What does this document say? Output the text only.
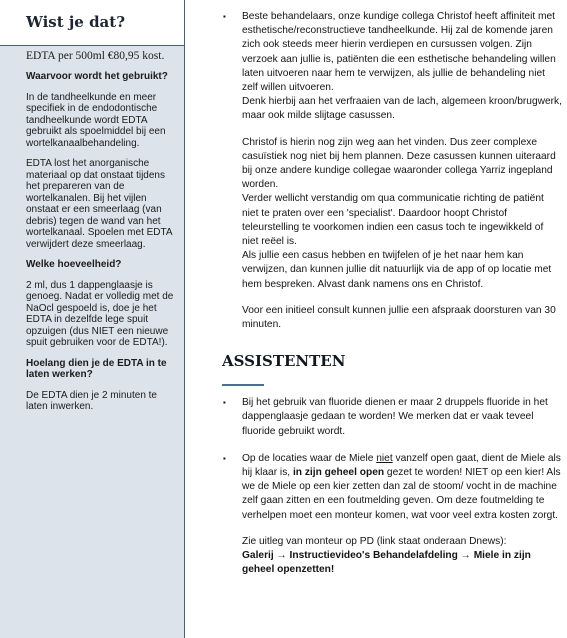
Wist je dat?

EDTA per 500ml €80,95 kost.

Waarvoor wordt het gebruikt?

In de tandheelkunde en meer specifiek in de endodontische tandheelkunde wordt EDTA gebruikt als spoelmiddel bij een wortelkanaalbehandeling.

EDTA lost het anorganische materiaal op dat onstaat tijdens het prepareren van de wortelkanalen. Bij het vijlen onstaat er een smeerlaag (van debris) tegen de wand van het wortelkanaal. Spoelen met EDTA verwijdert deze smeerlaag.

Welke hoeveelheid?

2 ml, dus 1 dappenglaasje is genoeg. Nadat er volledig met de NaOcl gespoeld is, doe je het EDTA in dezelfde lege spuit opzuigen (dus NIET een nieuwe spuit gebruiken voor de EDTA!).

Hoelang dien je de EDTA in te laten werken?

De EDTA dien je 2 minuten te laten inwerken.

▪ Beste behandelaars, onze kundige collega Christof heeft affiniteit met esthetische/reconstructieve tandheelkunde. Hij zal de komende jaren zich ook steeds meer hierin verdiepen en cursussen volgen. Zijn verzoek aan jullie is, patiënten die een esthetische behandeling willen laten uitvoeren naar hem te verwijzen, als jullie de behandeling niet zelf willen uitvoeren.

Denk hierbij aan het verfraaien van de lach, algemeen kroon/brugwerk, maar ook milde slijtage casussen.

Christof is hierin nog zijn weg aan het vinden. Dus zeer complexe casuïstiek nog niet bij hem plannen. Deze casussen kunnen uiteraard bij onze andere kundige collegae waaronder collega Yarriz ingepland worden.

Verder wellicht verstandig om qua communicatie richting de patiënt niet te praten over een 'specialist'. Daardoor hoopt Christof teleurstelling te voorkomen indien een casus toch te ingewikkeld of niet reëel is.

Als jullie een casus hebben en twijfelen of je het naar hem kan verwijzen, dan kunnen jullie dit natuurlijk via de app of op locatie met hem bespreken. Alvast dank namens ons en Christof.

Voor een initieel consult kunnen jullie een afspraak doorsturen van 30 minuten.

ASSISTENTEN
▪ Bij het gebruik van fluoride dienen er maar 2 druppels fluoride in het dappenglaasje gedaan te worden! We merken dat er vaak teveel fluoride gebruikt wordt.

▪ Op de locaties waar de Miele niet vanzelf open gaat, dient de Miele als hij klaar is, in zijn geheel open gezet te worden! NIET op een kier! Als we de Miele op een kier zetten dan zal de stoom/ vocht in de machine zelf gaan zitten en een foutmelding geven. Om deze foutmelding te verhelpen moet een monteur komen, wat voor veel extra kosten zorgt.

Zie uitleg van monteur op PD (link staat onderaan Dnews):

Galerij → Instructievideo's Behandelafdeling → Miele in zijn geheel openzetten!
